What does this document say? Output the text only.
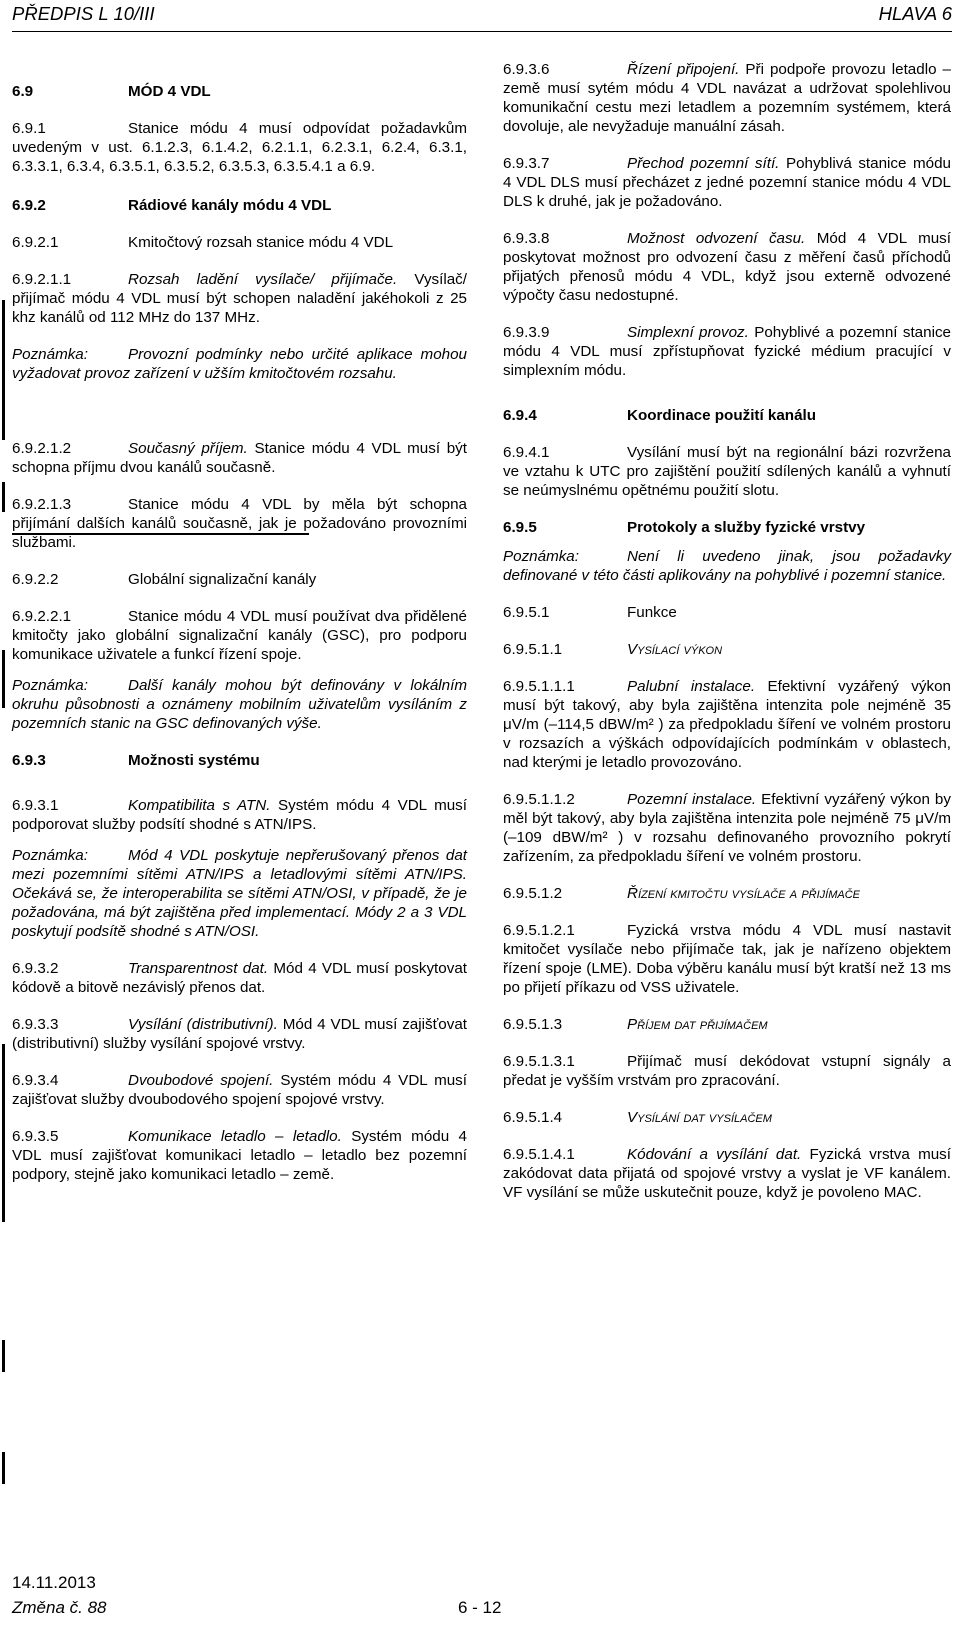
PŘEDPIS L 10/III	HLAVA 6
6.9	MÓD 4 VDL

6.9.1	Stanice módu 4 musí odpovídat požadavkům uvedeným v ust. 6.1.2.3, 6.1.4.2, 6.2.1.1, 6.2.3.1, 6.2.4, 6.3.1, 6.3.3.1, 6.3.4, 6.3.5.1, 6.3.5.2, 6.3.5.3, 6.3.5.4.1 a 6.9.

6.9.2	Rádiové kanály módu 4 VDL

6.9.2.1	Kmitočtový rozsah stanice módu 4 VDL

6.9.2.1.1	Rozsah ladění vysílače/ přijímače. Vysílač/ přijímač módu 4 VDL musí být schopen naladění jakéhokoli z 25 khz kanálů od 112 MHz do 137 MHz.

Poznámka:	Provozní podmínky nebo určité aplikace mohou vyžadovat provoz zařízení v užším kmitočtovém rozsahu.

6.9.2.1.2	Současný příjem. Stanice módu 4 VDL musí být schopna příjmu dvou kanálů současně.

6.9.2.1.3	Stanice módu 4 VDL by měla být schopna přijímání dalších kanálů současně, jak je požadováno provozními službami.

6.9.2.2	Globální signalizační kanály

6.9.2.2.1	Stanice módu 4 VDL musí používat dva přidělené kmitočty jako globální signalizační kanály (GSC), pro podporu komunikace uživatele a funkcí řízení spoje.

Poznámka:	Další kanály mohou být definovány v lokálním okruhu působnosti a oznámeny mobilním uživatelům vysíláním z pozemních stanic na GSC definovaných výše.

6.9.3	Možnosti systému

6.9.3.1	Kompatibilita s ATN. Systém módu 4 VDL musí podporovat služby podsítí shodné s ATN/IPS.

Poznámka:	Mód 4 VDL poskytuje nepřerušovaný přenos dat mezi pozemními sítěmi ATN/IPS a letadlovými sítěmi ATN/IPS. Očekává se, že interoperabilita se sítěmi ATN/OSI, v případě, že je požadována, má být zajištěna před implementací. Módy 2 a 3 VDL poskytují podsítě shodné s ATN/OSI.

6.9.3.2	Transparentnost dat. Mód 4 VDL musí poskytovat kódově a bitově nezávislý přenos dat.

6.9.3.3	Vysílání (distributivní). Mód 4 VDL musí zajišťovat (distributivní) služby vysílání spojové vrstvy.

6.9.3.4	Dvoubodové spojení. Systém módu 4 VDL musí zajišťovat služby dvoubodového spojení spojové vrstvy.

6.9.3.5	Komunikace letadlo – letadlo. Systém módu 4 VDL musí zajišťovat komunikaci letadlo – letadlo bez pozemní podpory, stejně jako komunikaci letadlo – země.

6.9.3.6	Řízení připojení. Při podpoře provozu letadlo – země musí sytém módu 4 VDL navázat a udržovat spolehlivou komunikační cestu mezi letadlem a pozemním systémem, která dovoluje, ale nevyžaduje manuální zásah.

6.9.3.7	Přechod pozemní sítí. Pohyblivá stanice módu 4 VDL DLS musí přecházet z jedné pozemní stanice módu 4 VDL DLS k druhé, jak je požadováno.

6.9.3.8	Možnost odvození času. Mód 4 VDL musí poskytovat možnost pro odvození času z měření časů příchodů přijatých přenosů módu 4 VDL, když jsou externě odvozené výpočty času nedostupné.

6.9.3.9	Simplexní provoz. Pohyblivé a pozemní stanice módu 4 VDL musí zpřístupňovat fyzické médium pracující v simplexním módu.

6.9.4	Koordinace použití kanálu

6.9.4.1	Vysílání musí být na regionální bázi rozvržena ve vztahu k UTC pro zajištění použití sdílených kanálů a vyhnutí se neúmyslnému opětnému použití slotu.

6.9.5	Protokoly a služby fyzické vrstvy

Poznámka:	Není li uvedeno jinak, jsou požadavky definované v této části aplikovány na pohyblivé i pozemní stanice.

6.9.5.1	Funkce

6.9.5.1.1	Vysílací výkon

6.9.5.1.1.1	Palubní instalace. Efektivní vyzářený výkon musí být takový, aby byla zajištěna intenzita pole nejméně 35 μV/m (–114,5 dBW/m² ) za předpokladu šíření ve volném prostoru v rozsazích a výškách odpovídajících podmínkám v oblastech, nad kterými je letadlo provozováno.

6.9.5.1.1.2	Pozemní instalace. Efektivní vyzářený výkon by měl být takový, aby byla zajištěna intenzita pole nejméně 75 μV/m (–109 dBW/m² ) v rozsahu definovaného provozního pokrytí zařízením, za předpokladu šíření ve volném prostoru.

6.9.5.1.2	Řízení kmitočtu vysílače a přijímače

6.9.5.1.2.1	Fyzická vrstva módu 4 VDL musí nastavit kmitočet vysílače nebo přijímače tak, jak je nařízeno objektem řízení spoje (LME). Doba výběru kanálu musí být kratší než 13 ms po přijetí příkazu od VSS uživatele.

6.9.5.1.3	Příjem dat přijímačem

6.9.5.1.3.1	Přijímač musí dekódovat vstupní signály a předat je vyšším vrstvám pro zpracování.

6.9.5.1.4	Vysílání dat vysílačem

6.9.5.1.4.1	Kódování a vysílání dat. Fyzická vrstva musí zakódovat data přijatá od spojové vrstvy a vyslat je VF kanálem. VF vysílání se může uskutečnit pouze, když je povoleno MAC.

14.11.2013
Změna č. 88	6 - 12
